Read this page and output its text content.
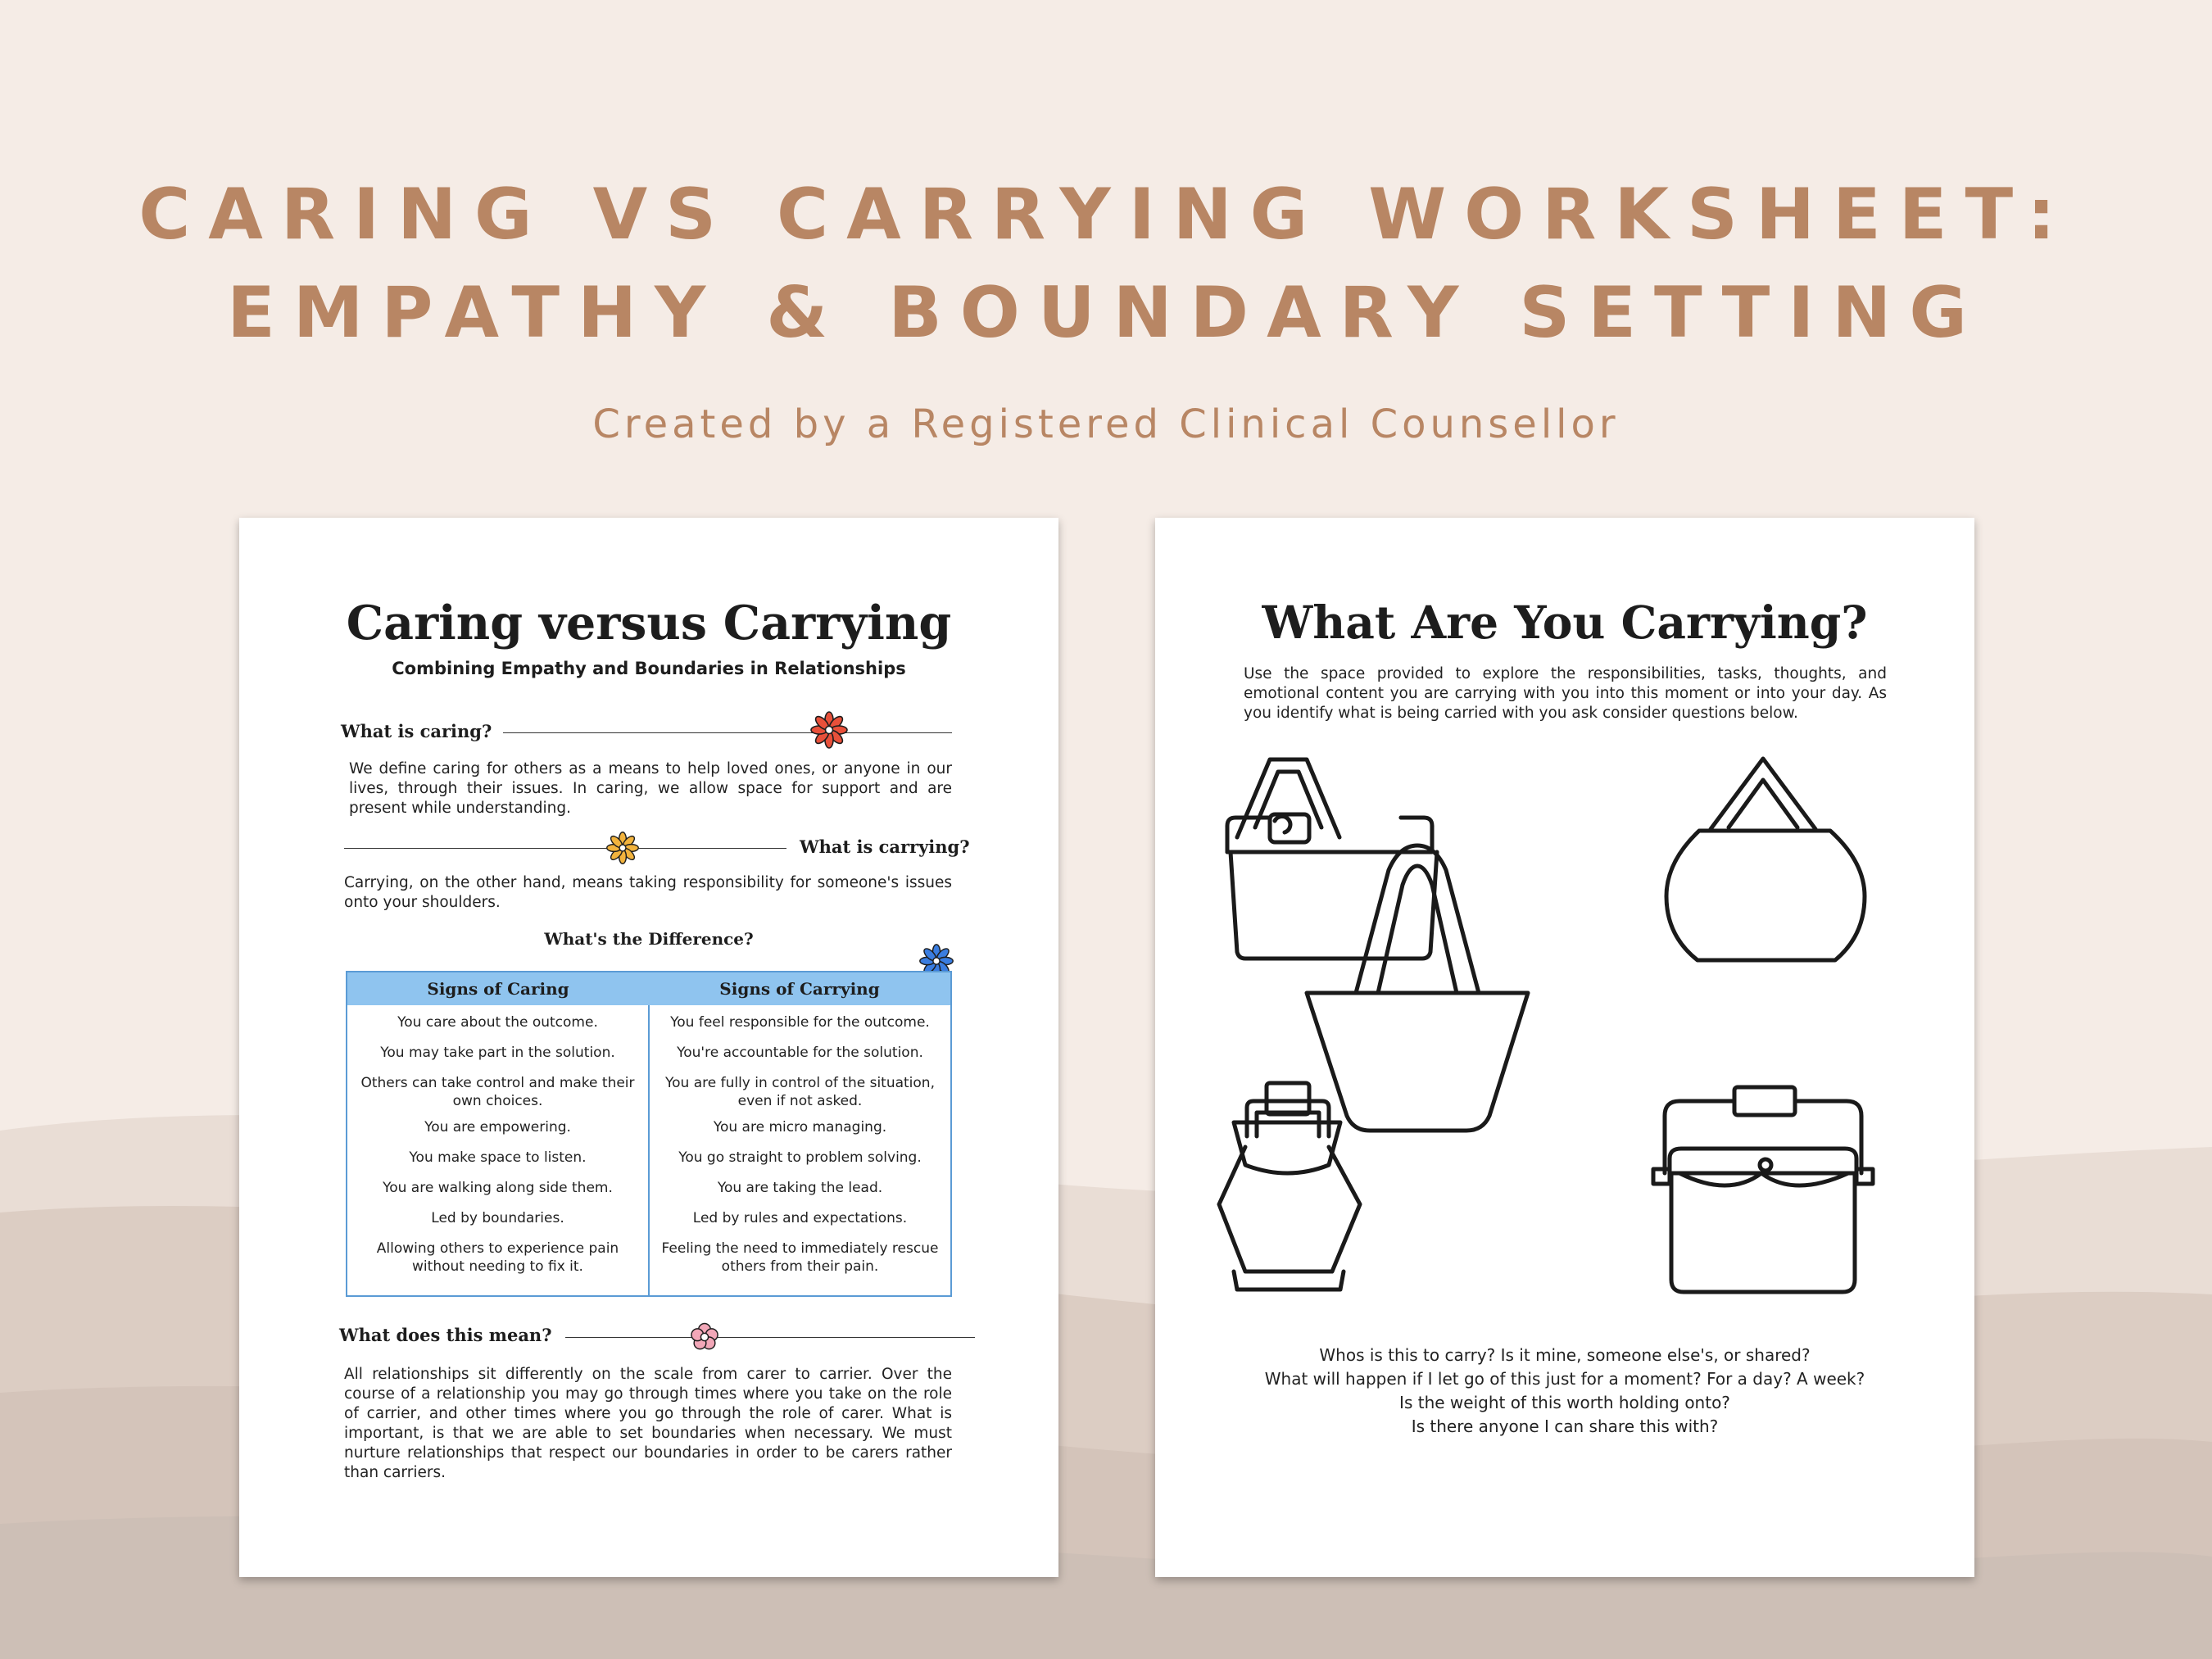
CARING VS CARRYING WORKSHEET:
EMPATHY & BOUNDARY SETTING
Created by a Registered Clinical Counsellor
Caring versus Carrying
Combining Empathy and Boundaries in Relationships
What is caring?

We define caring for others as a means to help loved ones, or anyone in our lives, through their issues. In caring, we allow space for support and are present while understanding.

What is carrying?

Carrying, on the other hand, means taking responsibility for someone's issues onto your shoulders.

What's the Difference?
Signs of Caring	Signs of Carrying
You care about the outcome.
You may take part in the solution.
Others can take control and make their own choices.
You are empowering.
You make space to listen.
You are walking along side them.
Led by boundaries.
Allowing others to experience pain without needing to fix it.
You feel responsible for the outcome.
You're accountable for the solution.
You are fully in control of the situation, even if not asked.
You are micro managing.
You go straight to problem solving.
You are taking the lead.
Led by rules and expectations.
Feeling the need to immediately rescue others from their pain.
What does this mean?

All relationships sit differently on the scale from carer to carrier. Over the course of a relationship you may go through times where you take on the role of carrier, and other times where you go through the role of carer. What is important, is that we are able to set boundaries when necessary. We must nurture relationships that respect our boundaries in order to be carers rather than carriers.

What Are You Carrying?

Use the space provided to explore the responsibilities, tasks, thoughts, and emotional content you are carrying with you into this moment or into your day. As you identify what is being carried with you ask consider questions below.

Whos is this to carry? Is it mine, someone else's, or shared?
What will happen if I let go of this just for a moment? For a day? A week?
Is the weight of this worth holding onto?
Is there anyone I can share this with?
